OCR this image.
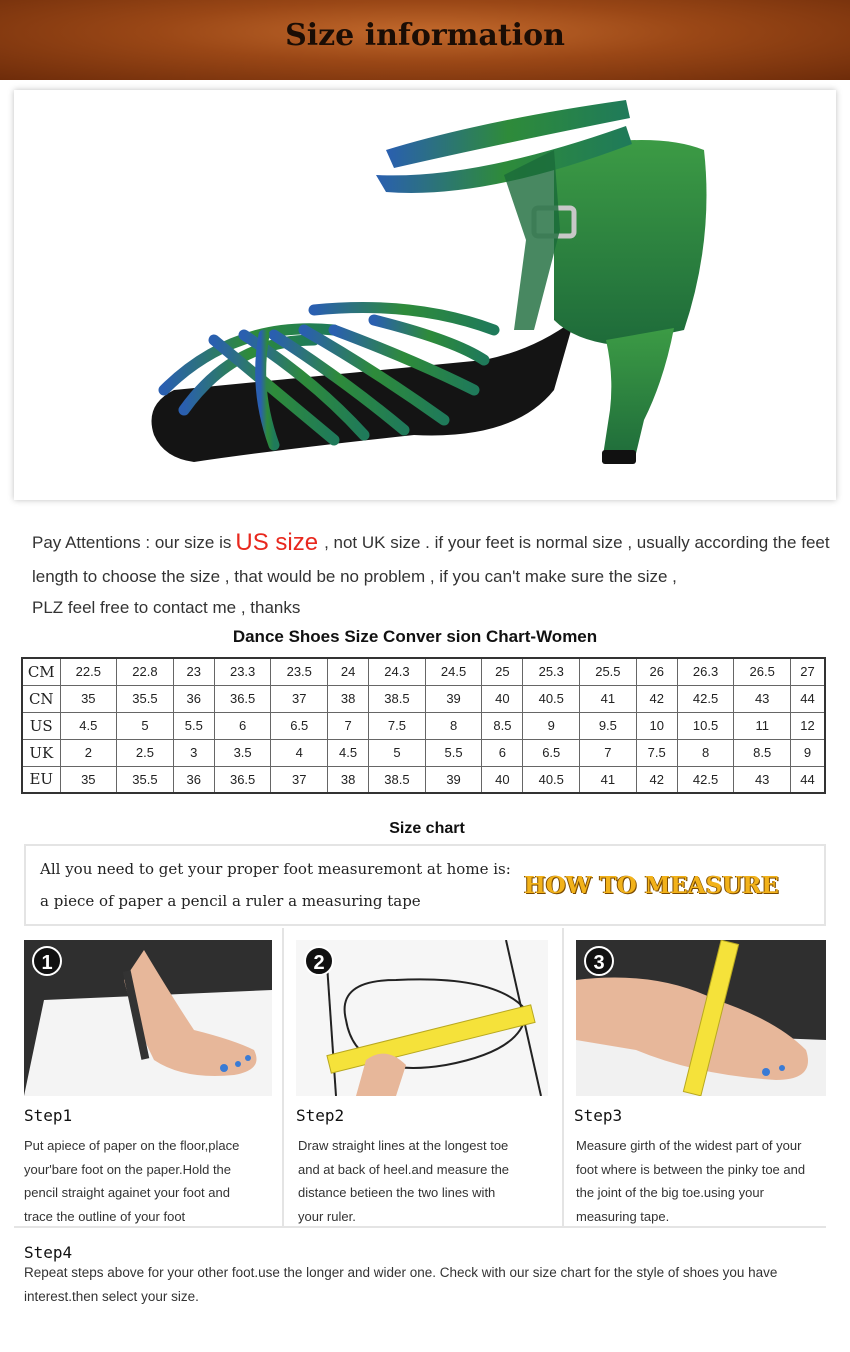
Size information
Pay Attentions : our size is US size , not UK size . if your feet is normal size , usually according the feet length to choose the size , that would be no problem , if you can't make sure the size ,
PLZ feel free to contact me , thanks
Dance Shoes Size Conver sion Chart-Women
CM	22.5	22.8	23	23.3	23.5	24	24.3	24.5	25	25.3	25.5	26	26.3	26.5	27
CN	35	35.5	36	36.5	37	38	38.5	39	40	40.5	41	42	42.5	43	44
US	4.5	5	5.5	6	6.5	7	7.5	8	8.5	9	9.5	10	10.5	11	12
UK	2	2.5	3	3.5	4	4.5	5	5.5	6	6.5	7	7.5	8	8.5	9
EU	35	35.5	36	36.5	37	38	38.5	39	40	40.5	41	42	42.5	43	44
Size chart
All you need to get your proper foot measuremont at home is:
a piece of paper a pencil a ruler a measuring tape
HOW TO MEASURE
1
Step1
Put apiece of paper on the floor,place
your'bare foot on the paper.Hold the
pencil straight againet your foot and
trace the outline of your foot
2
Step2
Draw straight lines at the longest toe
and at back of heel.and measure the
distance betieen the two lines with
your ruler.
3
Step3
Measure girth of the widest part of your
foot where is between the pinky toe and
the joint of the big toe.using your
measuring tape.
Step4
Repeat steps above for your other foot.use the longer and wider one. Check with our size chart for the style of shoes you have
interest.then select your size.
